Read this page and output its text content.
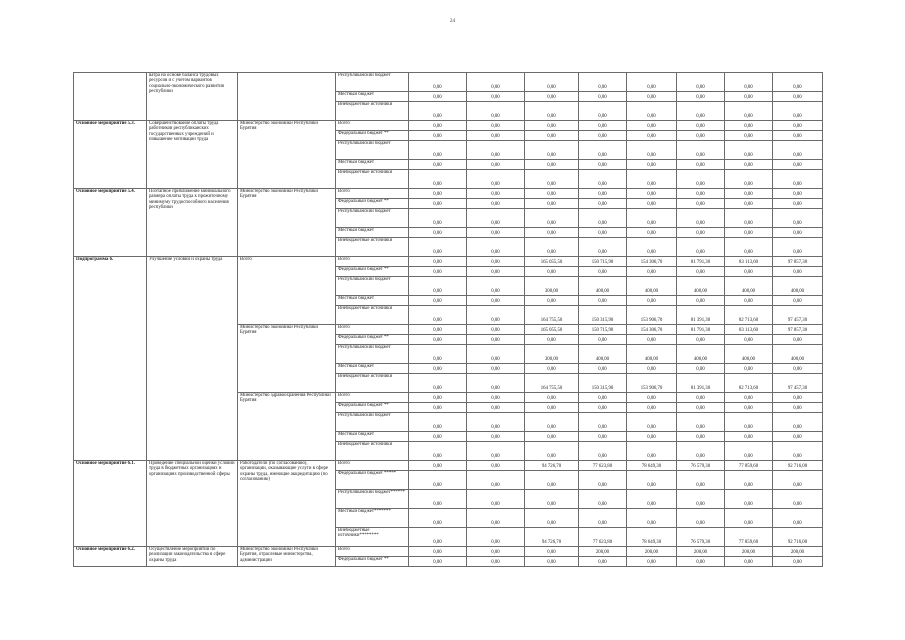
24
	ватра на основе баланса трудовых ресурсов и с учетом вариантов социально-экономического развития республики		Республиканский бюджет	0,00	0,00	0,00	0,00	0,00	0,00	0,00	0,00
			Местный бюджет	0,00	0,00	0,00	0,00	0,00	0,00	0,00	0,00
			Внебюджетные источники	0,00	0,00	0,00	0,00	0,00	0,00	0,00	0,00
Основное мероприятие 5.3.	Совершенствование оплаты труда работников республиканских государственных учреждений и повышение мотивации труда	Министерство экономики Республики Бурятия	Всего	0,00	0,00	0,00	0,00	0,00	0,00	0,00	0,00
			Федеральный бюджет **	0,00	0,00	0,00	0,00	0,00	0,00	0,00	0,00
			Республиканский бюджет	0,00	0,00	0,00	0,00	0,00	0,00	0,00	0,00
			Местный бюджет	0,00	0,00	0,00	0,00	0,00	0,00	0,00	0,00
			Внебюджетные источники	0,00	0,00	0,00	0,00	0,00	0,00	0,00	0,00
Основное мероприятие 5.4.	Поэтапное приближение минимального размера оплаты труда к прожиточному минимуму трудоспособного населения республики	Министерство экономики Республики Бурятия	Всего	0,00	0,00	0,00	0,00	0,00	0,00	0,00	0,00
			Федеральный бюджет **	0,00	0,00	0,00	0,00	0,00	0,00	0,00	0,00
			Республиканский бюджет	0,00	0,00	0,00	0,00	0,00	0,00	0,00	0,00
			Местный бюджет	0,00	0,00	0,00	0,00	0,00	0,00	0,00	0,00
			Внебюджетные источники	0,00	0,00	0,00	0,00	0,00	0,00	0,00	0,00
Подпрограмма 6.	Улучшение условий и охраны труда	Всего	Всего	0,00	0,00	165 055,50	150 715,90	154 306,70	81 791,30	83 113,60	97 857,30
			Федеральный бюджет **	0,00	0,00	0,00	0,00	0,00	0,00	0,00	0,00
			Республиканский бюджет	0,00	0,00	300,00	400,00	400,00	400,00	400,00	400,00
			Местный бюджет	0,00	0,00	0,00	0,00	0,00	0,00	0,00	0,00
			Внебюджетные источники	0,00	0,00	164 755,50	150 315,90	153 906,70	81 391,30	82 713,60	97 457,30
		Министерство экономики Республики Бурятия	Всего	0,00	0,00	165 055,50	150 715,90	154 306,70	81 791,30	83 113,60	97 857,30
			Федеральный бюджет **	0,00	0,00	0,00	0,00	0,00	0,00	0,00	0,00
			Республиканский бюджет	0,00	0,00	300,00	400,00	400,00	400,00	400,00	400,00
			Местный бюджет	0,00	0,00	0,00	0,00	0,00	0,00	0,00	0,00
			Внебюджетные источники	0,00	0,00	164 755,50	150 315,90	153 906,70	81 391,30	82 713,60	97 457,30
		Министерство здравоохранения Республики Бурятия	Всего	0,00	0,00	0,00	0,00	0,00	0,00	0,00	0,00
			Федеральный бюджет **	0,00	0,00	0,00	0,00	0,00	0,00	0,00	0,00
			Республиканский бюджет	0,00	0,00	0,00	0,00	0,00	0,00	0,00	0,00
			Местный бюджет	0,00	0,00	0,00	0,00	0,00	0,00	0,00	0,00
			Внебюджетные источники	0,00	0,00	0,00	0,00	0,00	0,00	0,00	0,00
Основное мероприятие 6.1.	Проведение специальной оценки условий труда в бюджетных организациях и организациях производственной сферы	Работодатели (по согласованию), организации, оказывающие услуги в сфере охраны труда, имеющие аккредитацию (по согласованию)	Всего	0,00	0,00	94 726,70	77 623,80	78 649,30	76 579,30	77 859,60	92 716,00
			Федеральный бюджет *****	0,00	0,00	0,00	0,00	0,00	0,00	0,00	0,00
			Республиканский бюджет******	0,00	0,00	0,00	0,00	0,00	0,00	0,00	0,00
			Местный бюджет*******	0,00	0,00	0,00	0,00	0,00	0,00	0,00	0,00
			Внебюджетные источники********	0,00	0,00	94 726,70	77 623,80	78 649,30	76 579,30	77 859,60	92 716,00
Основное мероприятие 6.2.	Осуществление мероприятий по реализации законодательства в сфере охраны труда	Министерство экономики Республики Бурятия, отраслевые министерства, администрации	Всего	0,00	0,00	0,00	200,00	200,00	200,00	200,00	200,00
			Федеральный бюджет **	0,00	0,00	0,00	0,00	0,00	0,00	0,00	0,00
